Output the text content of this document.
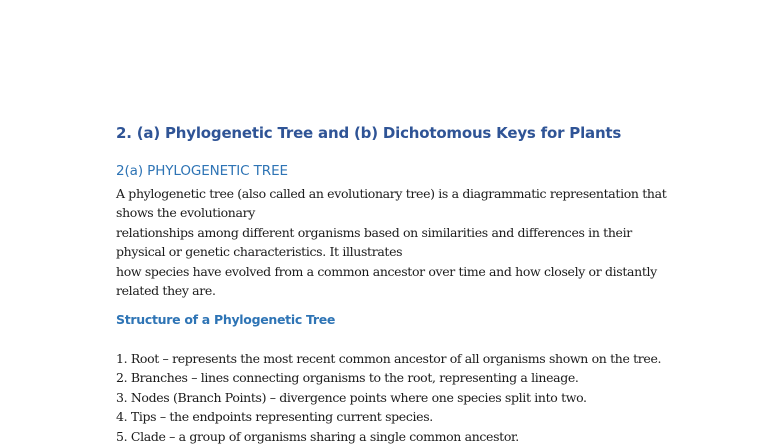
2. (a) Phylogenetic Tree and (b) Dichotomous Keys for Plants
2(a) PHYLOGENETIC TREE
A phylogenetic tree (also called an evolutionary tree) is a diagrammatic representation that
shows the evolutionary
relationships among different organisms based on similarities and differences in their
physical or genetic characteristics. It illustrates
how species have evolved from a common ancestor over time and how closely or distantly
related they are.
Structure of a Phylogenetic Tree
1. Root – represents the most recent common ancestor of all organisms shown on the tree.
2. Branches – lines connecting organisms to the root, representing a lineage.
3. Nodes (Branch Points) – divergence points where one species split into two.
4. Tips – the endpoints representing current species.
5. Clade – a group of organisms sharing a single common ancestor.
